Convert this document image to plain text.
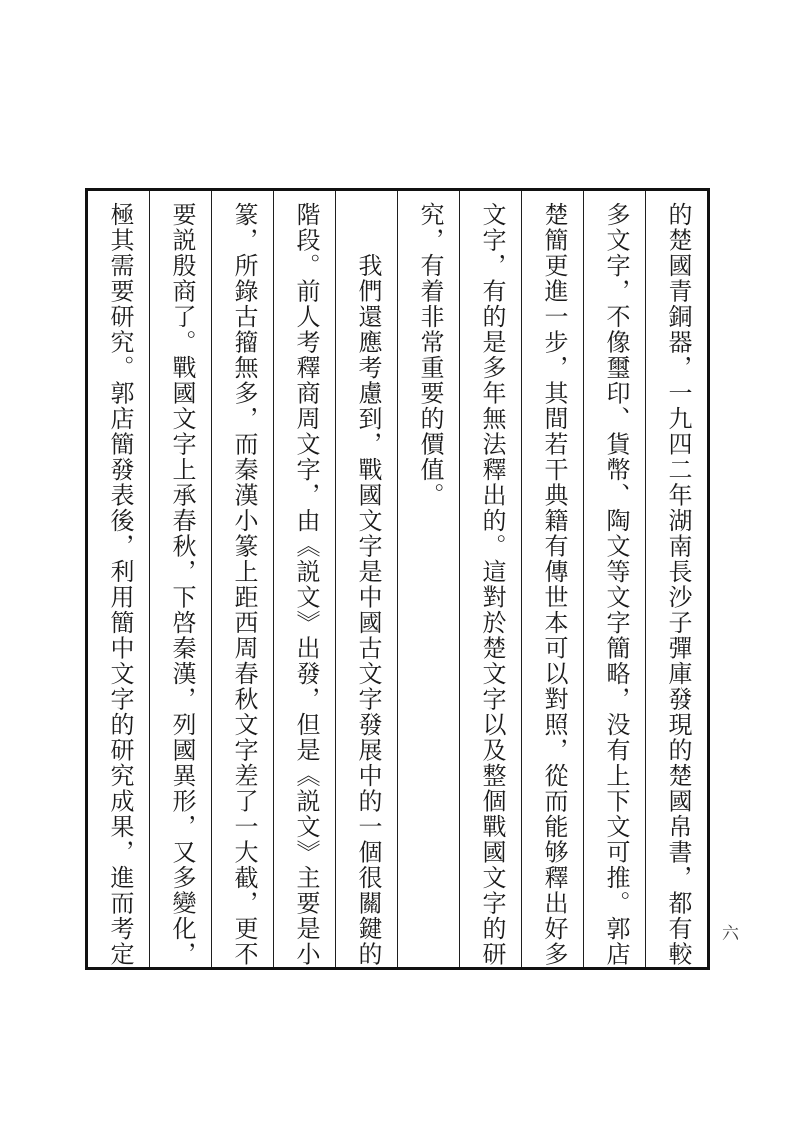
的楚國青銅器，一九四二年湖南長沙子彈庫發現的楚國帛書，都有較
多文字，不像璽印、貨幣、陶文等文字簡略，没有上下文可推。郭店
楚簡更進一步，其間若干典籍有傳世本可以對照，從而能够釋出好多
文字，有的是多年無法釋出的。這對於楚文字以及整個戰國文字的研
究，有着非常重要的價值。
　　我們還應考慮到，戰國文字是中國古文字發展中的一個很關鍵的
階段。前人考釋商周文字，由《説文》出發，但是《説文》主要是小
篆，所錄古籀無多，而秦漢小篆上距西周春秋文字差了一大截，更不
要説殷商了。戰國文字上承春秋，下啓秦漢，列國異形，又多變化，
極其需要研究。郭店簡發表後，利用簡中文字的研究成果，進而考定	六
